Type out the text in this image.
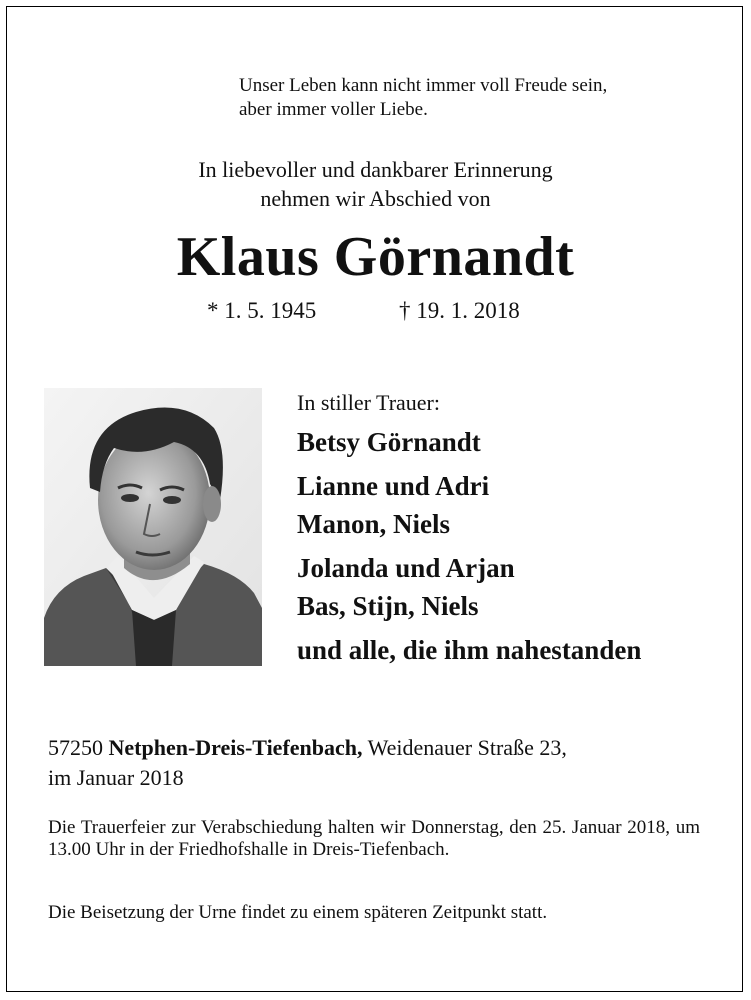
Unser Leben kann nicht immer voll Freude sein,
aber immer voller Liebe.
In liebevoller und dankbarer Erinnerung
nehmen wir Abschied von
Klaus Görnandt
* 1. 5. 1945	† 19. 1. 2018
In stiller Trauer:
Betsy Görnandt
Lianne und Adri
Manon, Niels
Jolanda und Arjan
Bas, Stijn, Niels
und alle, die ihm nahestanden
57250 Netphen-Dreis-Tiefenbach, Weidenauer Straße 23,
im Januar 2018
Die Trauerfeier zur Verabschiedung halten wir Donnerstag, den 25. Januar 2018, um 13.00 Uhr in der Friedhofshalle in Dreis-Tiefenbach.
Die Beisetzung der Urne findet zu einem späteren Zeitpunkt statt.
